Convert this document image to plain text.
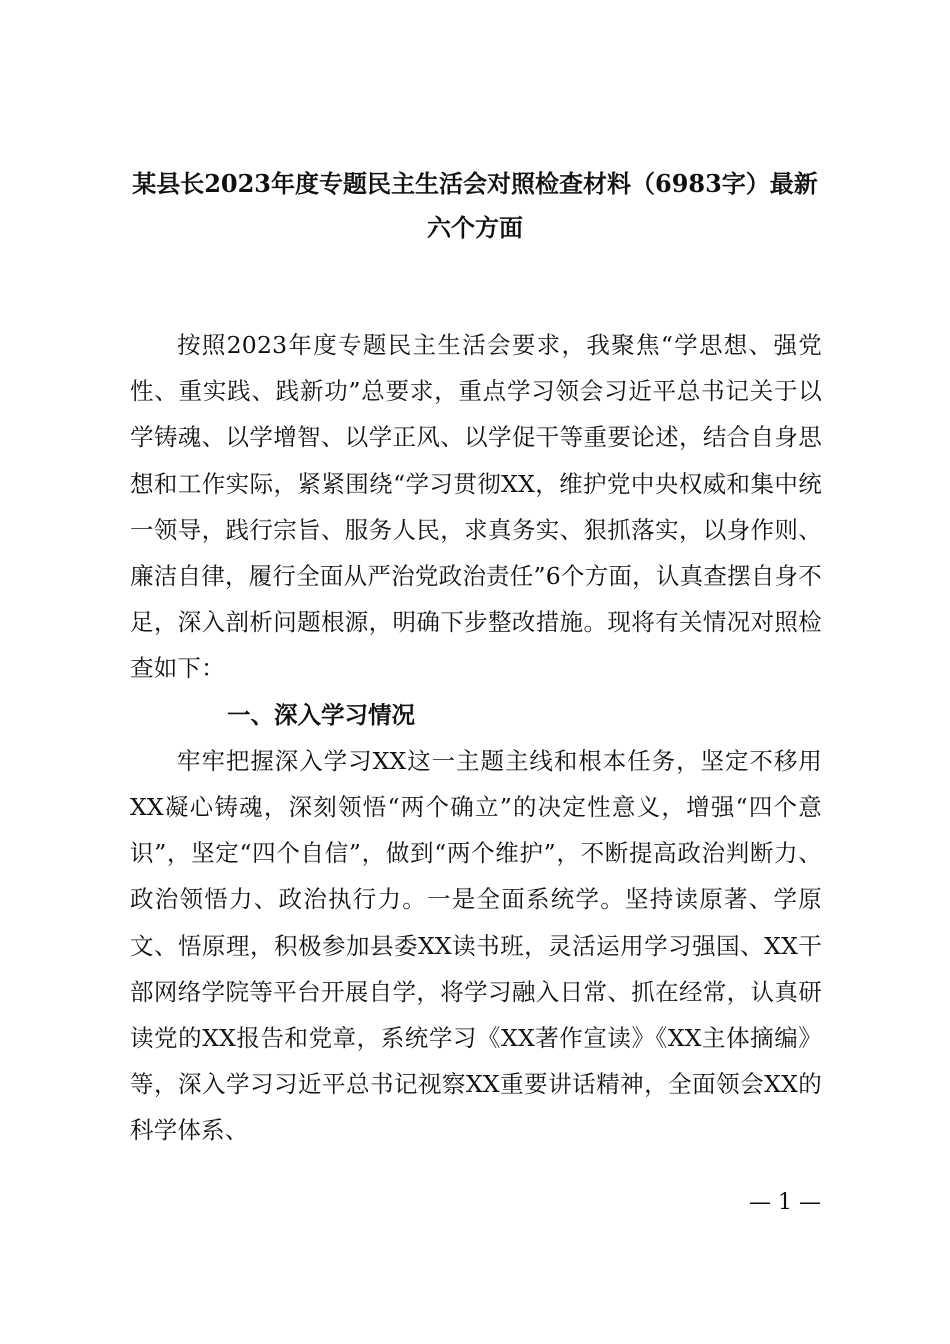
某县长2023年度专题民主生活会对照检查材料（6983字）最新
六个方面

按照2023年度专题民主生活会要求，我聚焦“学思想、强党性、重实践、践新功”总要求，重点学习领会习近平总书记关于以学铸魂、以学增智、以学正风、以学促干等重要论述，结合自身思想和工作实际，紧紧围绕“学习贯彻XX，维护党中央权威和集中统一领导，践行宗旨、服务人民，求真务实、狠抓落实，以身作则、廉洁自律，履行全面从严治党政治责任”6个方面，认真查摆自身不足，深入剖析问题根源，明确下步整改措施。现将有关情况对照检查如下：

一、深入学习情况

牢牢把握深入学习XX这一主题主线和根本任务，坚定不移用XX凝心铸魂，深刻领悟“两个确立”的决定性意义，增强“四个意识”，坚定“四个自信”，做到“两个维护”，不断提高政治判断力、政治领悟力、政治执行力。一是全面系统学。坚持读原著、学原文、悟原理，积极参加县委XX读书班，灵活运用学习强国、XX干部网络学院等平台开展自学，将学习融入日常、抓在经常，认真研读党的XX报告和党章，系统学习《XX著作宣读》《XX主体摘编》等，深入学习习近平总书记视察XX重要讲话精神，全面领会XX的科学体系、

— 1 —
